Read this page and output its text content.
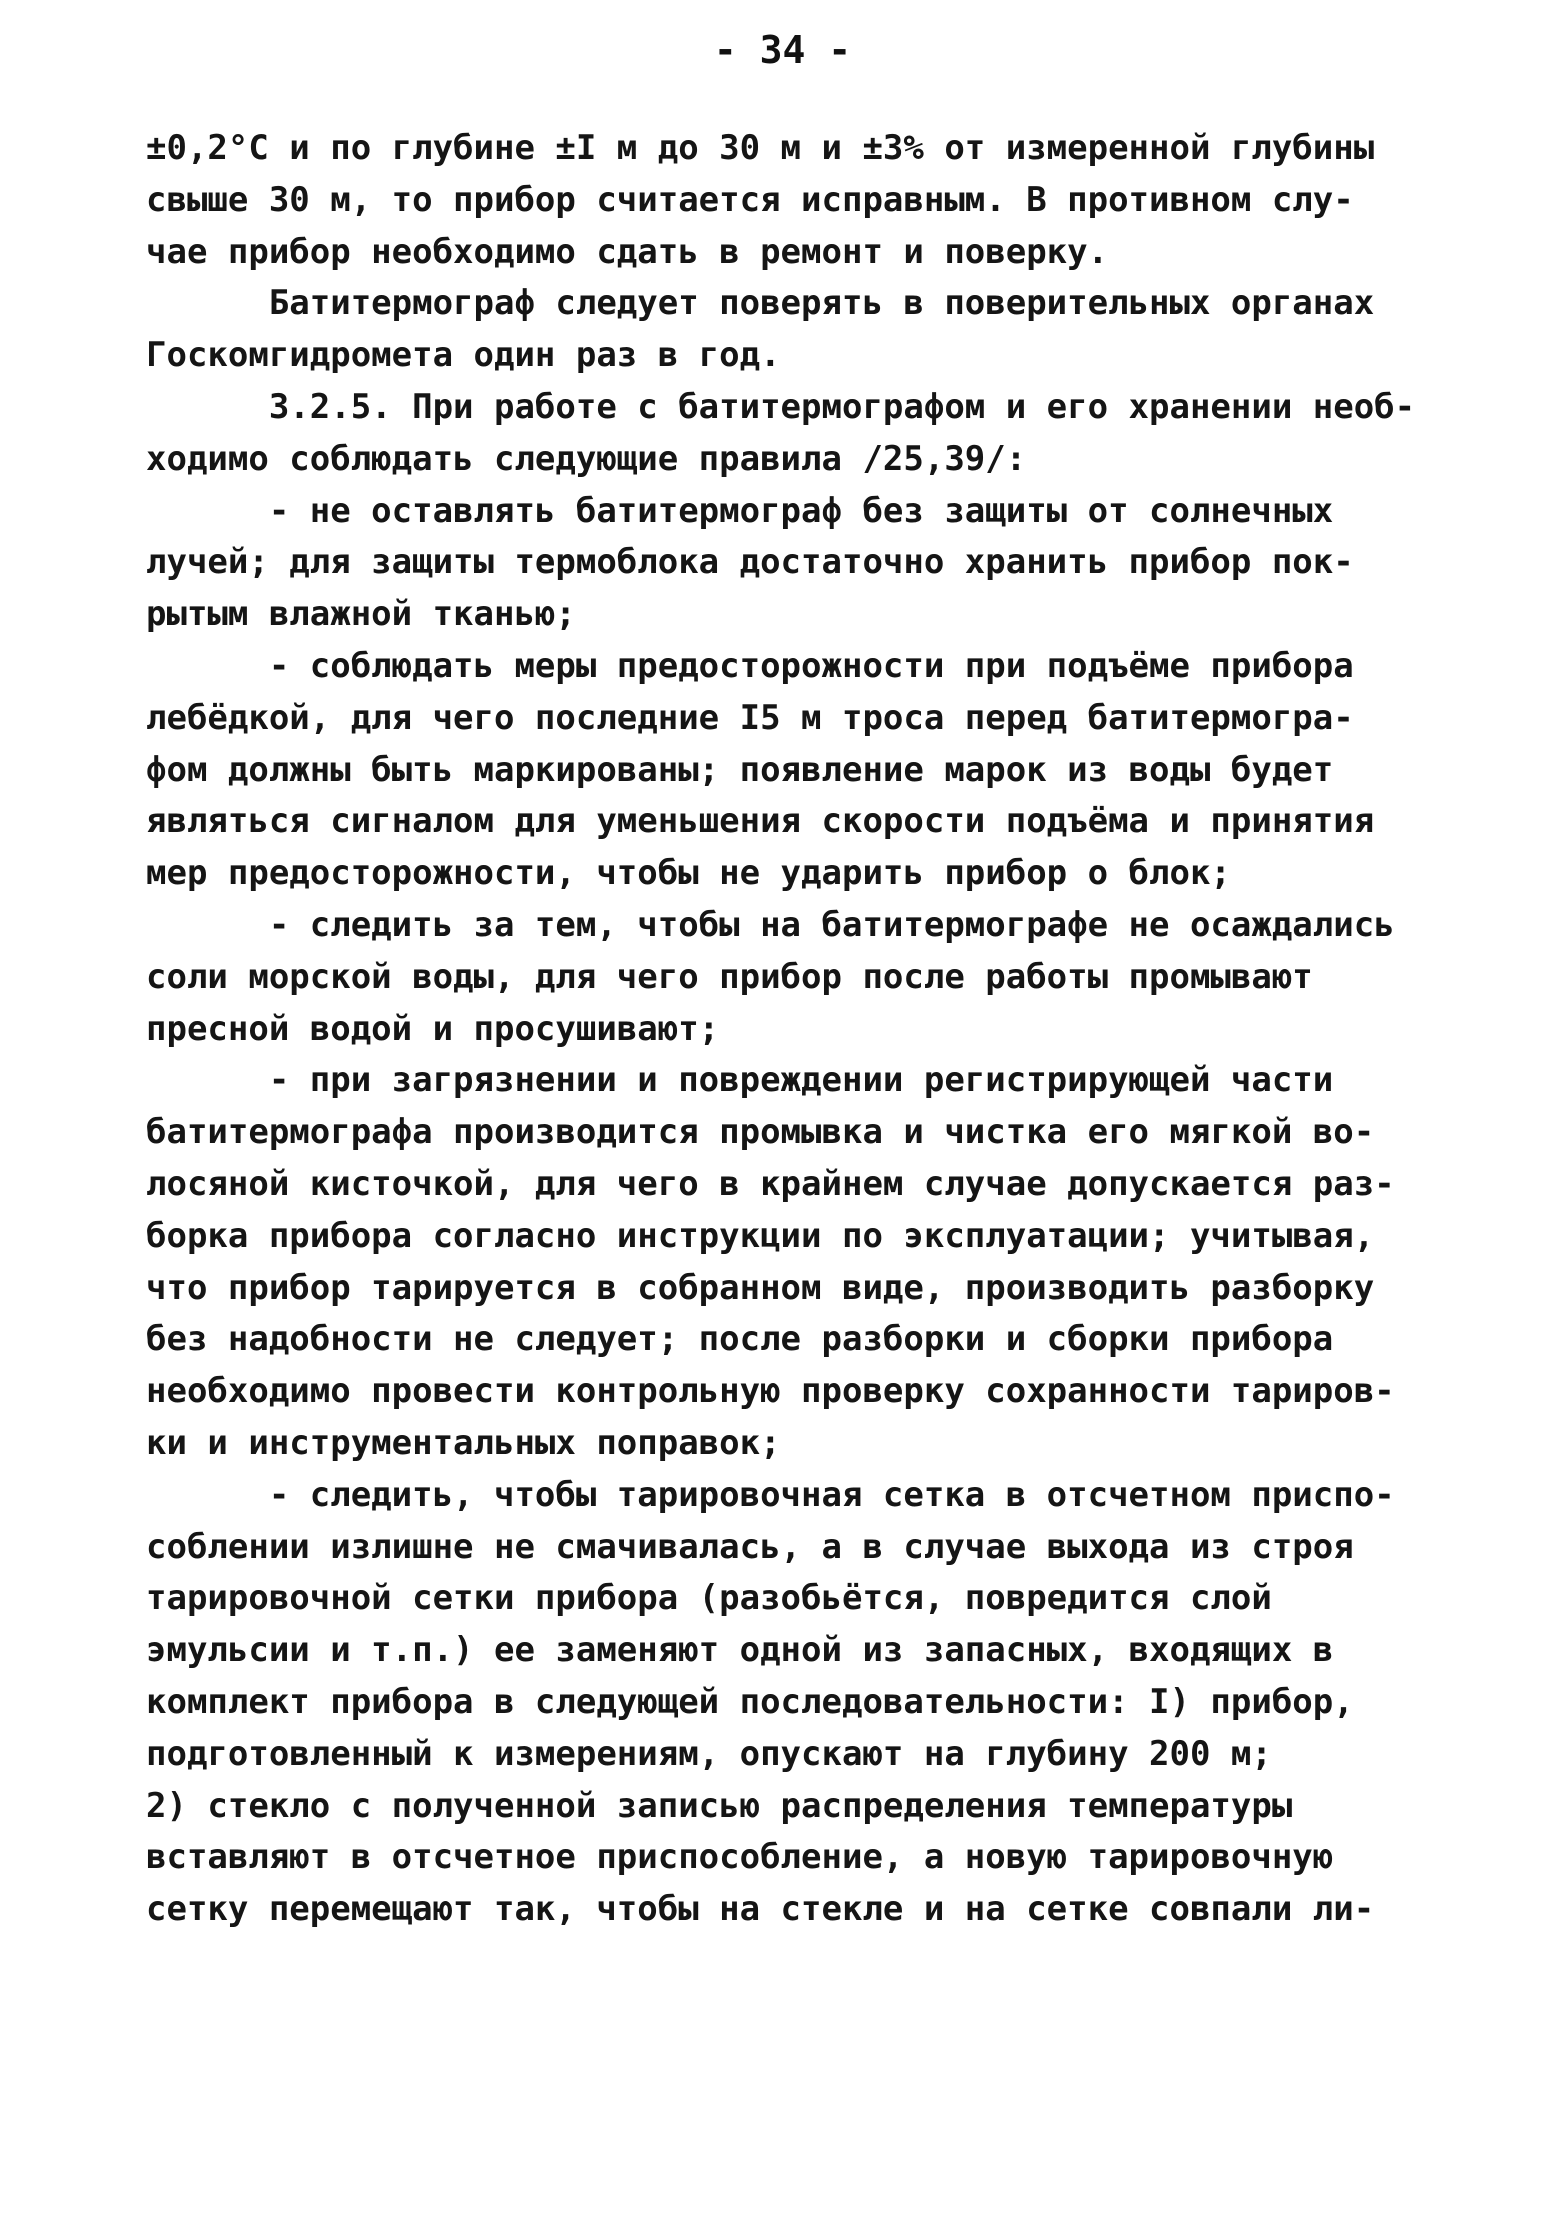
- 34 -
±0,2°С и по глубине ±I м до 30 м и ±3% от измеренной глубины
свыше 30 м, то прибор считается исправным. В противном слу-
чае прибор необходимо сдать в ремонт и поверку.
Батитермограф следует поверять в поверительных органах
Госкомгидромета один раз в год.
3.2.5. При работе с батитермографом и его хранении необ-
ходимо соблюдать следующие правила /25,39/:
- не оставлять батитермограф без защиты от солнечных
лучей; для защиты термоблока достаточно хранить прибор пок-
рытым влажной тканью;
- соблюдать меры предосторожности при подъёме прибора
лебёдкой, для чего последние I5 м троса перед батитермогра-
фом должны быть маркированы; появление марок из воды будет
являться сигналом для уменьшения скорости подъёма и принятия
мер предосторожности, чтобы не ударить прибор о блок;
- следить за тем, чтобы на батитермографе не осаждались
соли морской воды, для чего прибор после работы промывают
пресной водой и просушивают;
- при загрязнении и повреждении регистрирующей части
батитермографа производится промывка и чистка его мягкой во-
лосяной кисточкой, для чего в крайнем случае допускается раз-
борка прибора согласно инструкции по эксплуатации; учитывая,
что прибор тарируется в собранном виде, производить разборку
без надобности не следует; после разборки и сборки прибора
необходимо провести контрольную проверку сохранности тариров-
ки и инструментальных поправок;
- следить, чтобы тарировочная сетка в отсчетном приспо-
соблении излишне не смачивалась, а в случае выхода из строя
тарировочной сетки прибора (разобьётся, повредится слой
эмульсии и т.п.) ее заменяют одной из запасных, входящих в
комплект прибора в следующей последовательности: I) прибор,
подготовленный к измерениям, опускают на глубину 200 м;
2) стекло с полученной записью распределения температуры
вставляют в отсчетное приспособление, а новую тарировочную
сетку перемещают так, чтобы на стекле и на сетке совпали ли-
